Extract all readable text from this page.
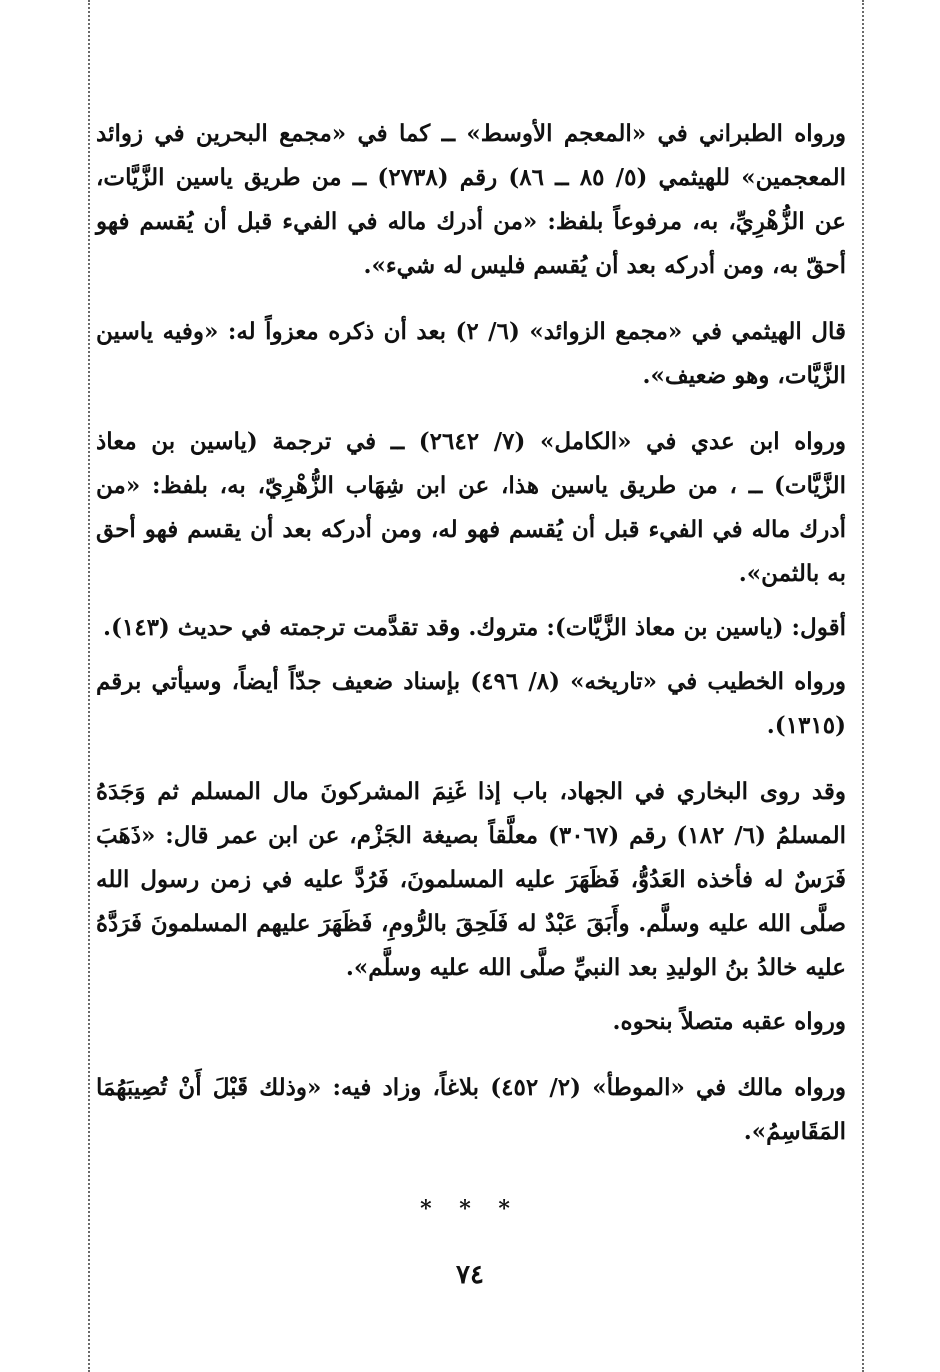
ورواه الطبراني في «المعجم الأوسط» ــ كما في «مجمع البحرين في زوائد المعجمين» للهيثمي (٥/ ٨٥ ــ ٨٦) رقم (٢٧٣٨) ــ من طريق ياسين الزَّيَّات، عن الزُّهْرِيِّ، به، مرفوعاً بلفظ: «من أدرك ماله في الفيء قبل أن يُقسم فهو أحقّ به، ومن أدركه بعد أن يُقسم فليس له شيء».

قال الهيثمي في «مجمع الزوائد» (٦/ ٢) بعد أن ذكره معزواً له: «وفيه ياسين الزَّيَّات، وهو ضعيف».

ورواه ابن عدي في «الكامل» (٧/ ٢٦٤٢) ــ في ترجمة (ياسين بن معاذ الزَّيَّات) ــ ، من طريق ياسين هذا، عن ابن شِهَاب الزُّهْرِيّ، به، بلفظ: «من أدرك ماله في الفيء قبل أن يُقسم فهو له، ومن أدركه بعد أن يقسم فهو أحق به بالثمن».

أقول: (ياسين بن معاذ الزَّيَّات): متروك. وقد تقدَّمت ترجمته في حديث (١٤٣).

ورواه الخطيب في «تاريخه» (٨/ ٤٩٦) بإسناد ضعيف جدّاً أيضاً، وسيأتي برقم (١٣١٥).

وقد روى البخاري في الجهاد، باب إذا غَنِمَ المشركونَ مال المسلم ثم وَجَدَهُ المسلمُ (٦/ ١٨٢) رقم (٣٠٦٧) معلَّقاً بصيغة الجَزْم، عن ابن عمر قال: «ذَهَبَ فَرَسٌ له فأخذه العَدُوُّ، فَظَهَرَ عليه المسلمونَ، فَرُدَّ عليه في زمن رسول الله صلَّى الله عليه وسلَّم. وأَبَقَ عَبْدٌ له فَلَحِقَ بالرُّومِ، فَظَهَرَ عليهم المسلمونَ فَرَدَّهُ عليه خالدُ بنُ الوليدِ بعد النبيِّ صلَّى الله عليه وسلَّم».

ورواه عقبه متصلاً بنحوه.

ورواه مالك في «الموطأ» (٢/ ٤٥٢) بلاغاً، وزاد فيه: «وذلك قَبْلَ أَنْ تُصِيبَهُمَا المَقَاسِمُ».

* * *
٧٤
